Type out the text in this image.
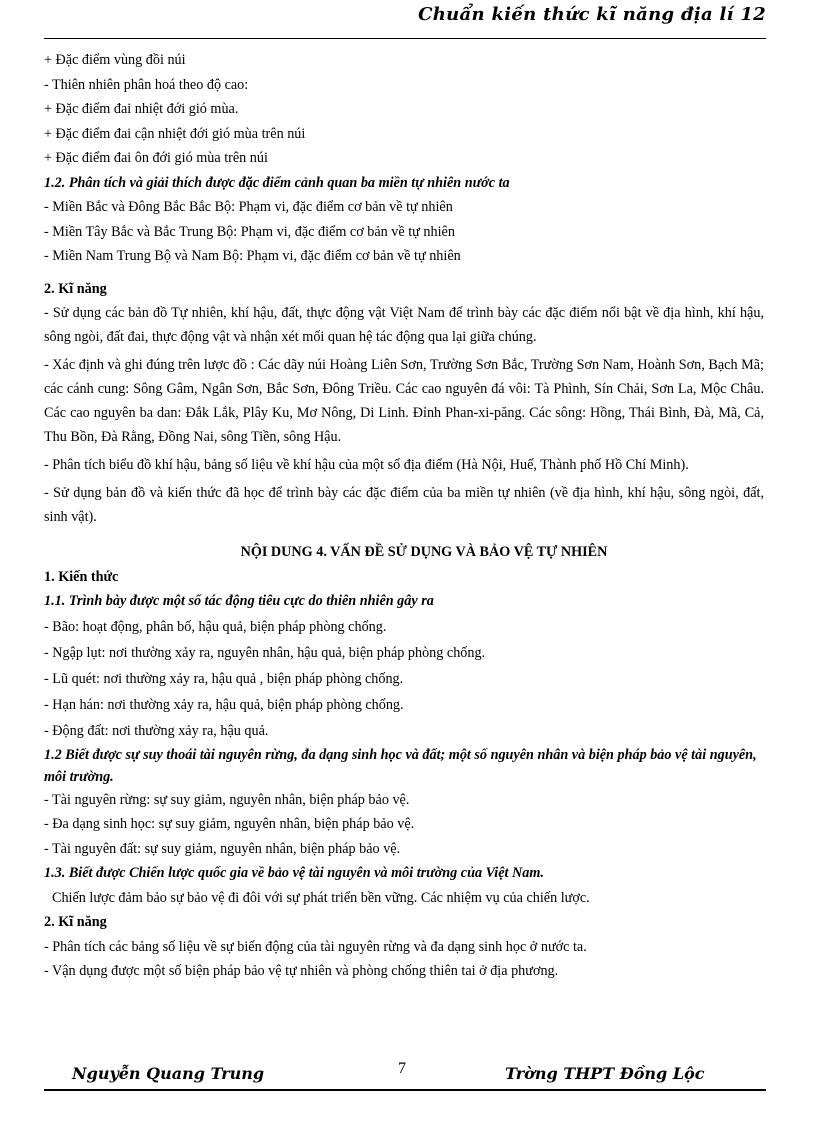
Chuẩn kiến thức kĩ năng địa lí 12
+ Đặc điểm vùng đồi núi
- Thiên nhiên phân hoá theo độ cao:
+ Đặc điểm đai nhiệt đới gió mùa.
+ Đặc điểm đai cận nhiệt đới gió mùa trên núi
+ Đặc điểm đai ôn đới gió mùa trên núi
1.2. Phân tích và giải thích được đặc điểm cảnh quan ba miền tự nhiên nước ta
- Miền Bắc và Đông Bắc Bắc Bộ: Phạm vi, đặc điểm cơ bản về tự nhiên
- Miền Tây Bắc và Bắc Trung Bộ: Phạm vi, đặc điểm cơ bản về tự nhiên
- Miền Nam Trung Bộ và Nam Bộ: Phạm vi, đặc điểm cơ bản về tự nhiên
2. Kĩ năng
- Sử dụng các bản đồ Tự nhiên, khí hậu, đất, thực động vật Việt Nam để trình bày các đặc điểm nổi bật về địa hình, khí hậu, sông ngòi, đất đai, thực động vật và nhận xét mối quan hệ tác động qua lại giữa chúng.
- Xác định và ghi đúng trên lược đồ : Các dãy núi Hoàng Liên Sơn, Trường Sơn Bắc, Trường Sơn Nam, Hoành Sơn, Bạch Mã; các cánh cung: Sông Gâm, Ngân Sơn, Bắc Sơn, Đông Triều. Các cao nguyên đá vôi: Tà Phình, Sín Chải, Sơn La, Mộc Châu. Các cao nguyên ba dan: Đắk Lắk, Plây Ku, Mơ Nông, Di Linh. Đỉnh Phan-xi-păng. Các sông: Hồng, Thái Bình, Đà, Mã, Cả, Thu Bồn, Đà Rằng, Đồng Nai, sông Tiền, sông Hậu.
- Phân tích biểu đồ khí hậu, bảng số liệu về khí hậu của một số địa điểm (Hà Nội, Huế, Thành phố Hồ Chí Minh).
- Sử dụng bản đồ và kiến thức đã học để trình bày các đặc điểm của ba miền tự nhiên (về địa hình, khí hậu, sông ngòi, đất, sinh vật).
NỘI DUNG 4. VẤN ĐỀ SỬ DỤNG VÀ BẢO VỆ TỰ NHIÊN
1. Kiến thức
1.1. Trình bày được một số tác động tiêu cực do thiên nhiên gây ra
- Bão: hoạt động, phân bố, hậu quả, biện pháp phòng chống.
- Ngập lụt: nơi thường xảy ra, nguyên nhân, hậu quả, biện pháp phòng chống.
- Lũ quét: nơi thường xảy ra, hậu quả , biện pháp phòng chống.
- Hạn hán: nơi thường xảy ra, hậu quả, biện pháp phòng chống.
- Động đất: nơi thường xảy ra, hậu quả.
1.2 Biết được sự suy thoái tài nguyên rừng, đa dạng sinh học và đất; một số nguyên nhân và biện pháp bảo vệ tài nguyên, môi trường.
- Tài nguyên rừng: sự suy giảm, nguyên nhân, biện pháp bảo vệ.
- Đa dạng sinh học: sự suy giảm, nguyên nhân, biện pháp bảo vệ.
- Tài nguyên đất: sự suy giảm, nguyên nhân, biện pháp bảo vệ.
1.3. Biết được Chiến lược quốc gia về bảo vệ tài nguyên và môi trường của Việt Nam.
Chiến lược đảm bảo sự bảo vệ đi đôi với sự phát triển bền vững. Các nhiệm vụ của chiến lược.
2. Kĩ năng
- Phân tích các bảng số liệu về sự biến động của tài nguyên rừng và đa dạng sinh học ở nước ta.
- Vận dụng được một số biện pháp bảo vệ tự nhiên và phòng chống thiên tai ở địa phương.
Nguyễn Quang Trung	7	Trờng THPT Đồng Lộc
